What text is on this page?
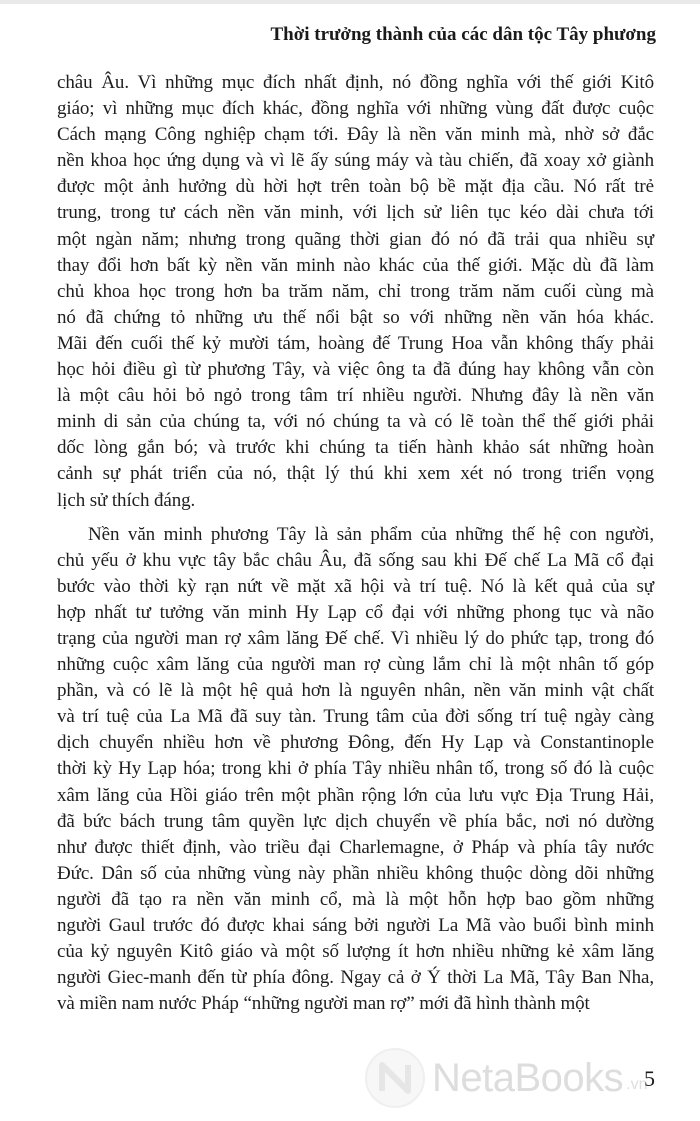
Thời trưởng thành của các dân tộc Tây phương
châu Âu. Vì những mục đích nhất định, nó đồng nghĩa với thế giới Kitô
giáo; vì những mục đích khác, đồng nghĩa với những vùng đất được cuộc
Cách mạng Công nghiệp chạm tới. Đây là nền văn minh mà, nhờ sở đắc
nền khoa học ứng dụng và vì lẽ ấy súng máy và tàu chiến, đã xoay xở giành
được một ảnh hưởng dù hời hợt trên toàn bộ bề mặt địa cầu. Nó rất trẻ
trung, trong tư cách nền văn minh, với lịch sử liên tục kéo dài chưa tới
một ngàn năm; nhưng trong quãng thời gian đó nó đã trải qua nhiều sự
thay đổi hơn bất kỳ nền văn minh nào khác của thế giới. Mặc dù đã làm
chủ khoa học trong hơn ba trăm năm, chỉ trong trăm năm cuối cùng mà
nó đã chứng tỏ những ưu thế nổi bật so với những nền văn hóa khác.
Mãi đến cuối thế kỷ mười tám, hoàng đế Trung Hoa vẫn không thấy phải
học hỏi điều gì từ phương Tây, và việc ông ta đã đúng hay không vẫn còn
là một câu hỏi bỏ ngỏ trong tâm trí nhiều người. Nhưng đây là nền văn
minh di sản của chúng ta, với nó chúng ta và có lẽ toàn thể thế giới phải
dốc lòng gắn bó; và trước khi chúng ta tiến hành khảo sát những hoàn
cảnh sự phát triển của nó, thật lý thú khi xem xét nó trong triển vọng
lịch sử thích đáng.
Nền văn minh phương Tây là sản phẩm của những thế hệ con người,
chủ yếu ở khu vực tây bắc châu Âu, đã sống sau khi Đế chế La Mã cổ đại
bước vào thời kỳ rạn nứt về mặt xã hội và trí tuệ. Nó là kết quả của sự
hợp nhất tư tưởng văn minh Hy Lạp cổ đại với những phong tục và não
trạng của người man rợ xâm lăng Đế chế. Vì nhiều lý do phức tạp, trong đó
những cuộc xâm lăng của người man rợ cùng lắm chỉ là một nhân tố góp
phần, và có lẽ là một hệ quả hơn là nguyên nhân, nền văn minh vật chất
và trí tuệ của La Mã đã suy tàn. Trung tâm của đời sống trí tuệ ngày càng
dịch chuyển nhiều hơn về phương Đông, đến Hy Lạp và Constantinople
thời kỳ Hy Lạp hóa; trong khi ở phía Tây nhiều nhân tố, trong số đó là cuộc
xâm lăng của Hồi giáo trên một phần rộng lớn của lưu vực Địa Trung Hải,
đã bức bách trung tâm quyền lực dịch chuyển về phía bắc, nơi nó dường
như được thiết định, vào triều đại Charlemagne, ở Pháp và phía tây nước
Đức. Dân số của những vùng này phần nhiều không thuộc dòng dõi những
người đã tạo ra nền văn minh cổ, mà là một hỗn hợp bao gồm những
người Gaul trước đó được khai sáng bởi người La Mã vào buổi bình minh
của kỷ nguyên Kitô giáo và một số lượng ít hơn nhiều những kẻ xâm lăng
người Giec-manh đến từ phía đông. Ngay cả ở Ý thời La Mã, Tây Ban Nha,
và miền nam nước Pháp “những người man rợ” mới đã hình thành một
5
NetaBooks .vn
